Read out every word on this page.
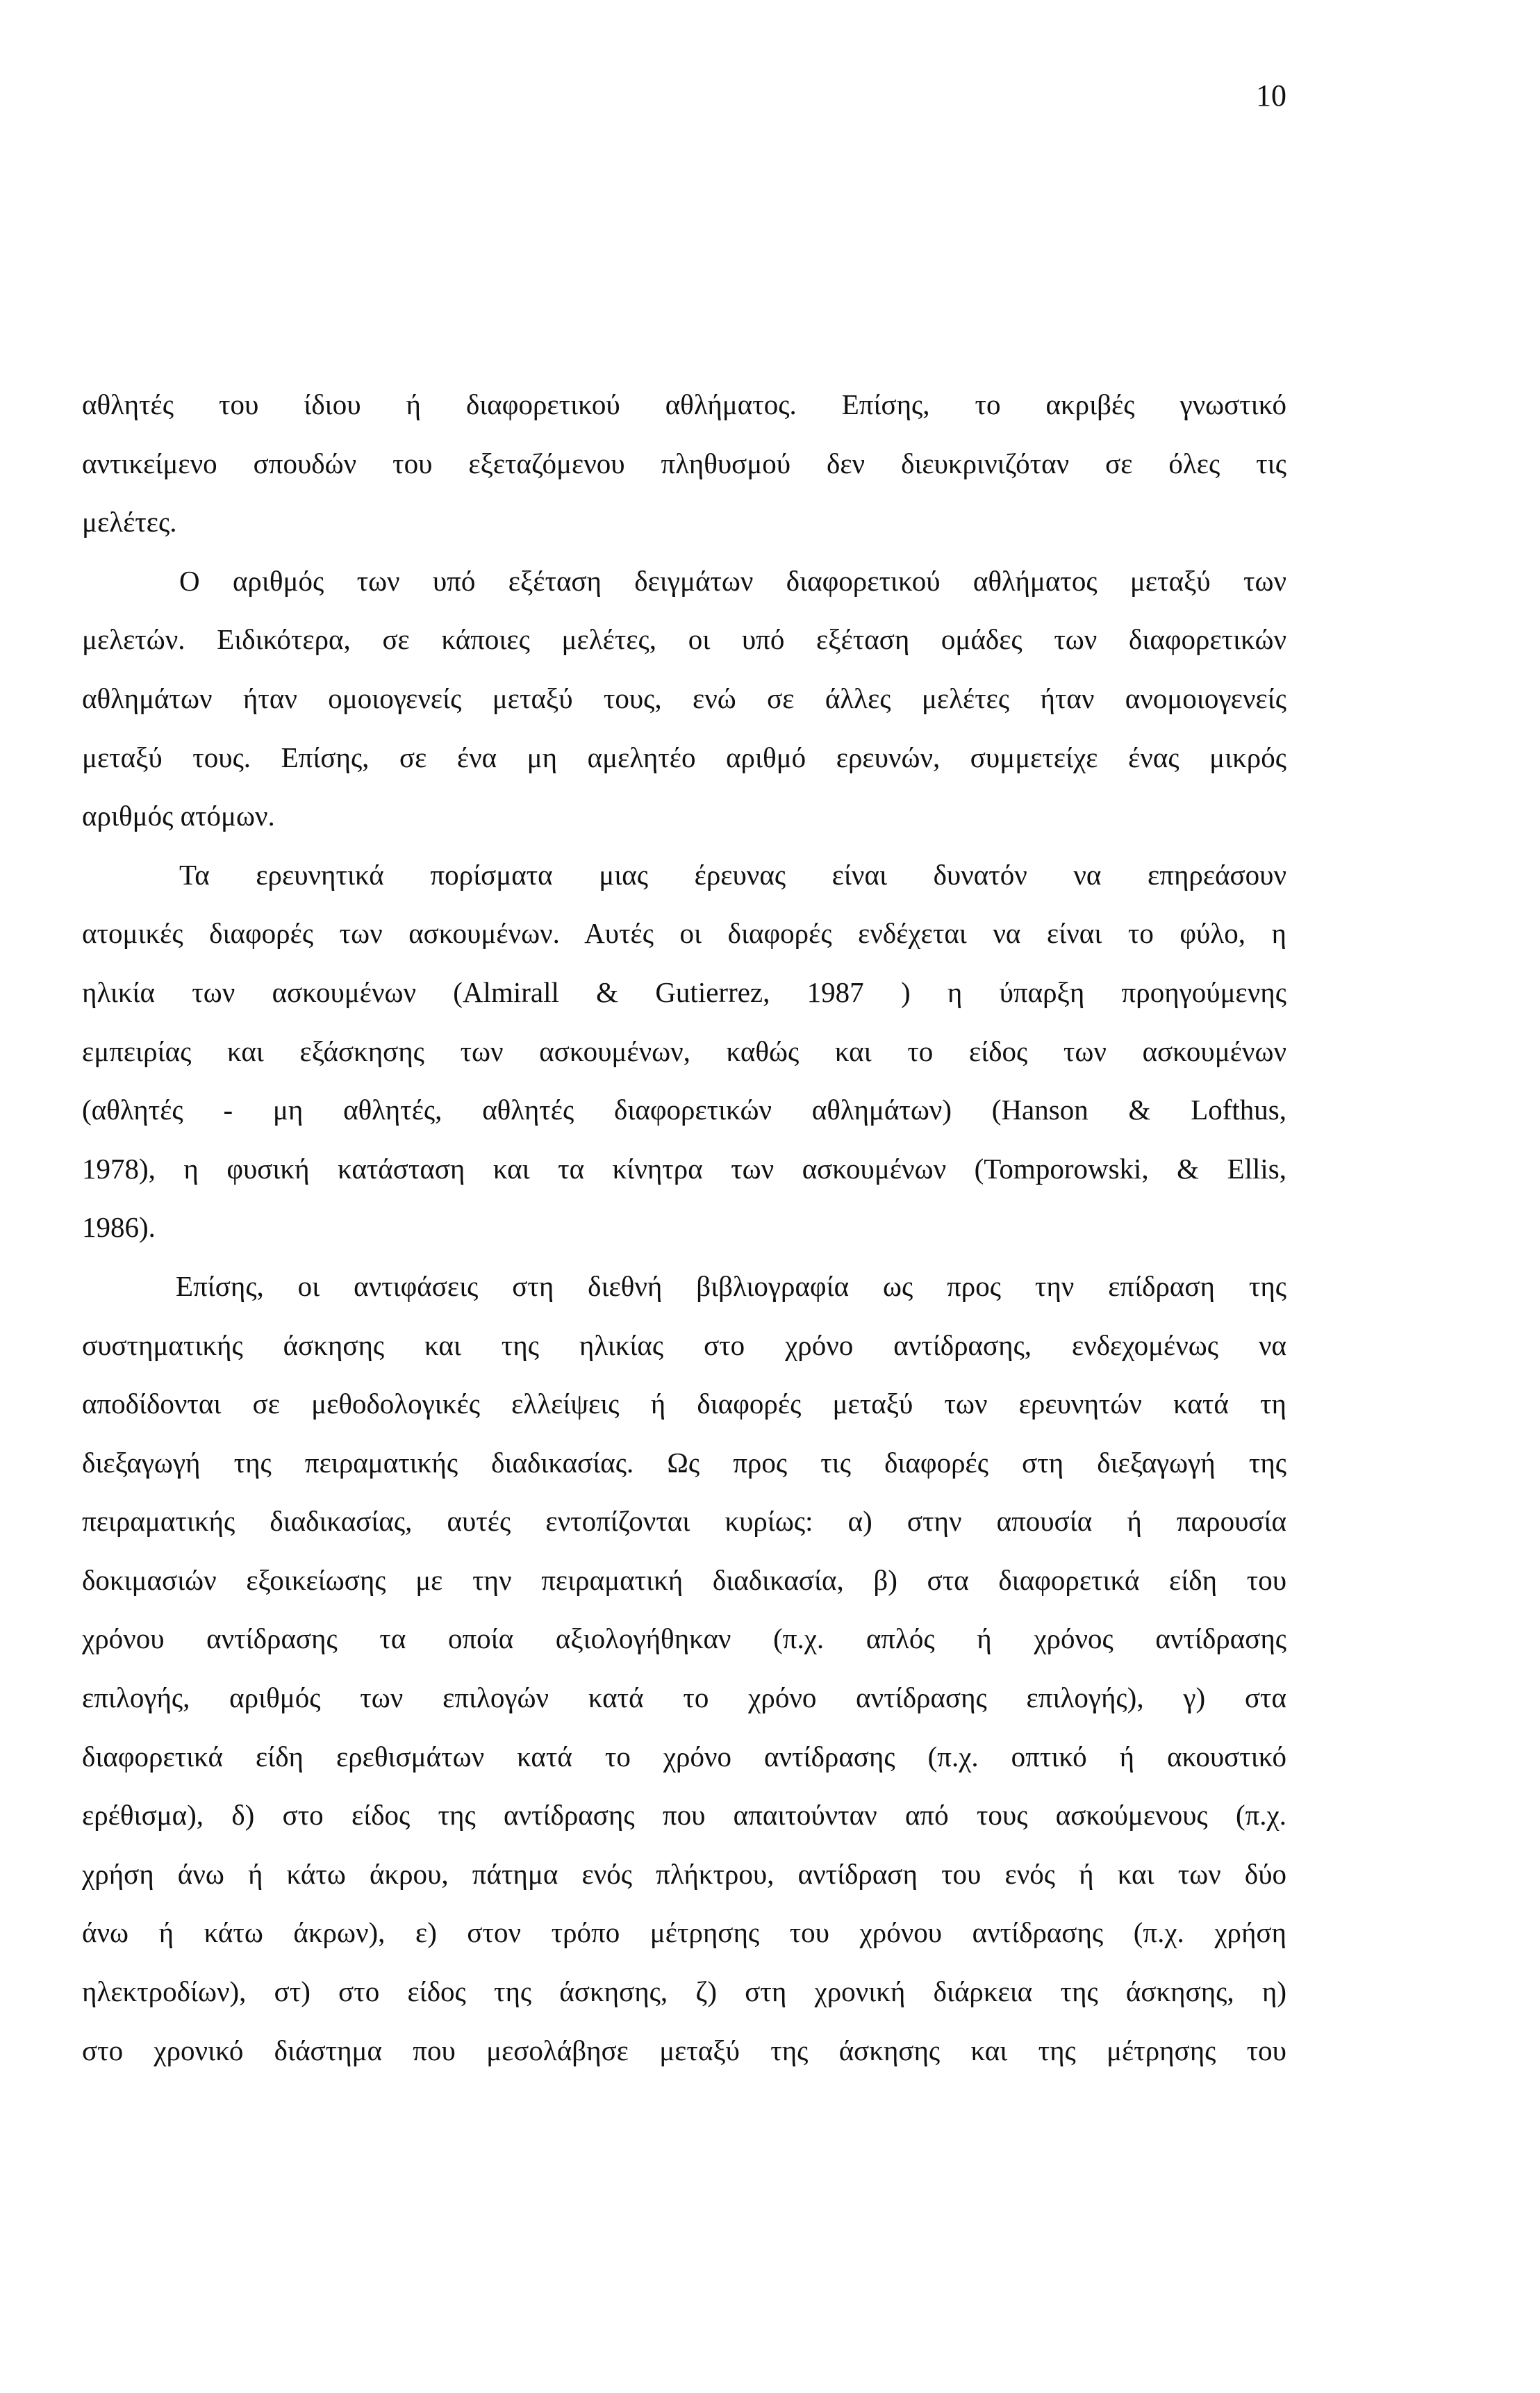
10
αθλητές του ίδιου ή διαφορετικού αθλήματος. Επίσης, το ακριβές γνωστικό
αντικείμενο σπουδών του εξεταζόμενου πληθυσμού δεν διευκρινιζόταν σε όλες τις
μελέτες.
Ο αριθμός των υπό εξέταση δειγμάτων διαφορετικού αθλήματος μεταξύ των
μελετών. Ειδικότερα, σε κάποιες μελέτες, οι υπό εξέταση ομάδες των διαφορετικών
αθλημάτων ήταν ομοιογενείς μεταξύ τους, ενώ σε άλλες μελέτες ήταν ανομοιογενείς
μεταξύ τους. Επίσης, σε ένα μη αμελητέο αριθμό ερευνών, συμμετείχε ένας μικρός
αριθμός ατόμων.
Τα ερευνητικά πορίσματα μιας έρευνας είναι δυνατόν να επηρεάσουν
ατομικές διαφορές των ασκουμένων. Αυτές οι διαφορές ενδέχεται να είναι το φύλο, η
ηλικία των ασκουμένων (Almirall & Gutierrez, 1987 ) η ύπαρξη προηγούμενης
εμπειρίας και εξάσκησης των ασκουμένων, καθώς και το είδος των ασκουμένων
(αθλητές - μη αθλητές, αθλητές διαφορετικών αθλημάτων) (Hanson & Lofthus,
1978), η φυσική κατάσταση και τα κίνητρα των ασκουμένων (Tomporowski, & Ellis,
1986).
Επίσης, οι αντιφάσεις στη διεθνή βιβλιογραφία ως προς την επίδραση της
συστηματικής άσκησης και της ηλικίας στο χρόνο αντίδρασης, ενδεχομένως να
αποδίδονται σε μεθοδολογικές ελλείψεις ή διαφορές μεταξύ των ερευνητών κατά τη
διεξαγωγή της πειραματικής διαδικασίας. Ως προς τις διαφορές στη διεξαγωγή της
πειραματικής διαδικασίας, αυτές εντοπίζονται κυρίως: α) στην απουσία ή παρουσία
δοκιμασιών εξοικείωσης με την πειραματική διαδικασία, β) στα διαφορετικά είδη του
χρόνου αντίδρασης τα οποία αξιολογήθηκαν (π.χ. απλός ή χρόνος αντίδρασης
επιλογής, αριθμός των επιλογών κατά το χρόνο αντίδρασης επιλογής), γ) στα
διαφορετικά είδη ερεθισμάτων κατά το χρόνο αντίδρασης (π.χ. οπτικό ή ακουστικό
ερέθισμα), δ) στο είδος της αντίδρασης που απαιτούνταν από τους ασκούμενους (π.χ.
χρήση άνω ή κάτω άκρου, πάτημα ενός πλήκτρου, αντίδραση του ενός ή και των δύο
άνω ή κάτω άκρων), ε) στον τρόπο μέτρησης του χρόνου αντίδρασης (π.χ. χρήση
ηλεκτροδίων), στ) στο είδος της άσκησης, ζ) στη χρονική διάρκεια της άσκησης, η)
στο χρονικό διάστημα που μεσολάβησε μεταξύ της άσκησης και της μέτρησης του
